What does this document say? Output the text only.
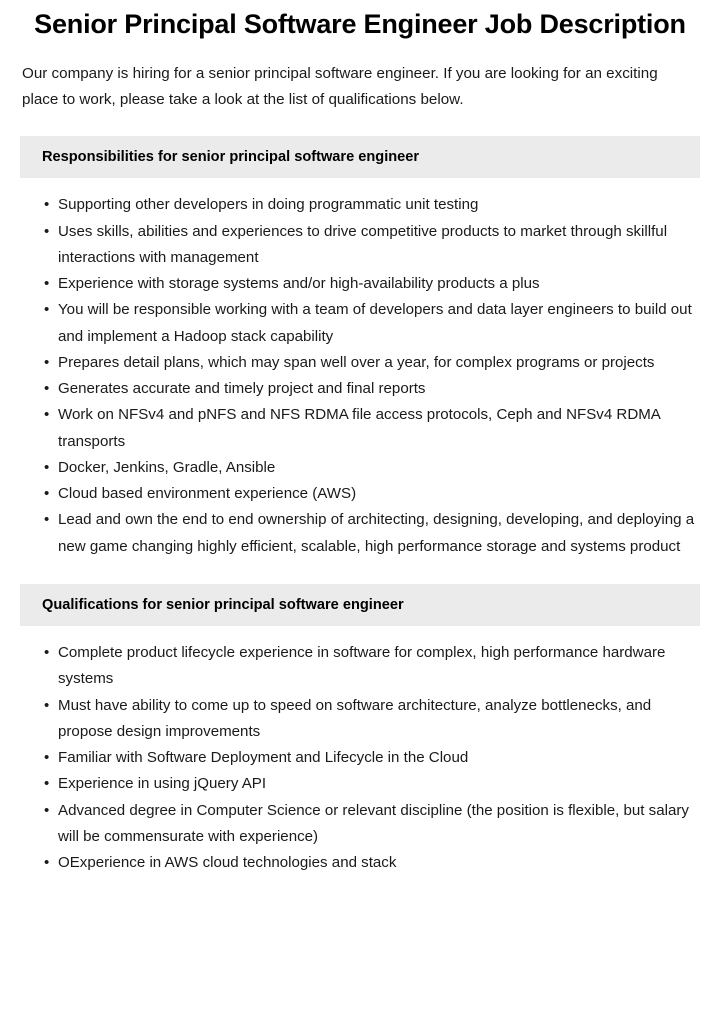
Senior Principal Software Engineer Job Description

Our company is hiring for a senior principal software engineer. If you are looking for an exciting place to work, please take a look at the list of qualifications below.

Responsibilities for senior principal software engineer
• Supporting other developers in doing programmatic unit testing
• Uses skills, abilities and experiences to drive competitive products to market through skillful interactions with management
• Experience with storage systems and/or high-availability products a plus
• You will be responsible working with a team of developers and data layer engineers to build out and implement a Hadoop stack capability
• Prepares detail plans, which may span well over a year, for complex programs or projects
• Generates accurate and timely project and final reports
• Work on NFSv4 and pNFS and NFS RDMA file access protocols, Ceph and NFSv4 RDMA transports
• Docker, Jenkins, Gradle, Ansible
• Cloud based environment experience (AWS)
• Lead and own the end to end ownership of architecting, designing, developing, and deploying a new game changing highly efficient, scalable, high performance storage and systems product
Qualifications for senior principal software engineer
• Complete product lifecycle experience in software for complex, high performance hardware systems
• Must have ability to come up to speed on software architecture, analyze bottlenecks, and propose design improvements
• Familiar with Software Deployment and Lifecycle in the Cloud
• Experience in using jQuery API
• Advanced degree in Computer Science or relevant discipline (the position is flexible, but salary will be commensurate with experience)
• OExperience in AWS cloud technologies and stack
